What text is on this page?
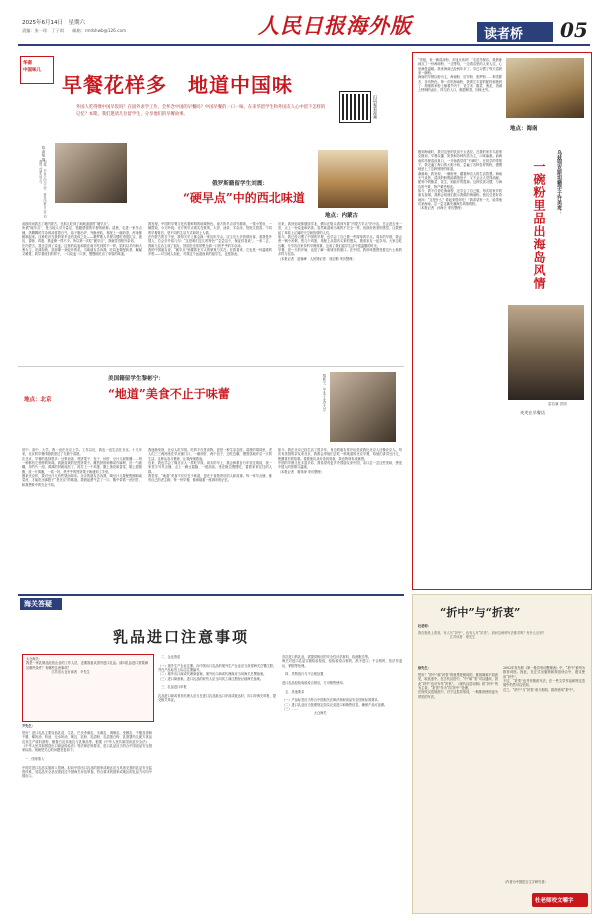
2025年6月14日　星期六
责编：张一琼　丁子琪　　邮箱：rmrbhwb@126.com	人民日报海外版	读者桥 05
华裔
中国味儿
早餐花样多　地道中国味
外国人吃得惯中国早饭吗？在国外求学工作，会怀念中国的早餐吗？中国早餐的一口一味，在来华留学生和外国友人心中留下怎样的记忆？本期，我们邀请几位留学生，分享他们的早餐故事。	扫码观看视频
陈淑敏 摄
刘震，毕业于四川大学，曾在内蒙古工作 刘震的“内蒙古早点”	俄罗斯籍留学生刘震：
“硬早点”中的西北味道
地点：内蒙古
前段时间我去了趟内蒙古，在那儿吃到了地地道道的“硬早点”。
所谓“硬早点”，是当地人对分量足、饱腹感强的早餐的统称。清晨，走进一家早点铺，热腾腾的羊杂碎汤冒着白气，焙子刚出炉，外酥里软，再配上一碗奶茶，浑身都暖和起来。这种吃法在我的家乡也有类似之处——俄罗斯人早餐习惯吃得很扎实，面包、香肠、鸡蛋、燕麦粥一样不少。所以第一次吃“硬早点”，我就觉得格外亲切。
在内蒙古，我还尝到了烧麦。这里的烧麦和我在南方吃到的不一样，馅料以羊肉和大葱为主，皮薄如纸，顶部像一朵绽开的花。当地朋友告诉我，吃烧麦要配砖茶，解腻又暖胃。我学着他们的样子，一口烧麦一口茶，慢慢地吃出了草原的味道。
我发现，中国的早餐文化有着鲜明的地域特色。南方的早点讲究精致，一笼小笼包、一碗馄饨，小巧玲珑；北方的早点则实在豪爽，大饼、油条、羊杂汤，管饱又管香。不同的早餐背后，是不同的生活方式和风土人情。
在内蒙古的日子里，我每天早上都会换一家店吃早点。店主们大多热情好客，看我是外国人，总会多介绍几句：“这是咱们这儿的特色”“尝尝这个，保证你喜欢”。一来二去，我和几位店主成了朋友，回国后还常常想念那一口热乎乎的羊杂汤。
我的中国朋友说，“硬早点”里藏着北方人的豪爽与实在。在我看来，它也是一份温暖的乡愁——对当地人如此，对我这个远道而来的留学生，也是如此。
后来，我回到成都继续学业，偶尔在街头看到写着“内蒙古早点”的小店，总会进去坐一坐，点上一份烧麦和奶茶。虽然味道和当地的不完全一样，但那份熟悉的感觉，让我想起了草原上辽阔的天空和热情的人们。
如今，我已经习惯了中国的早餐，也学会了自己做一些简单的早点。周末的早晨，我会煮一锅小米粥，煎几个鸡蛋，再配上从超市买来的馒头，邀请室友一起享用。大家边吃边聊，分享各自家乡的早餐故事，这成了我们留学生活中很温馨的时光。
早餐，是一天的开始，也是了解一座城市的窗口。在中国，我用味蕾感受着这片土地的多样与包容。
（本报记者　赵蓉峰　人民网记者　刘玄勤 采访整理）
地点：北京
美国籍留学生黎彬宁：
“地道”美食不止于味蕾	黎彬宁，毕业于北京大学
初中、高中、大学，我一直在北京上学。工作以后，我也一直生活在北京。十几年来，北京的早餐伴随我度过了无数个清晨。
在北京，早餐的选择很多：豆浆油条、煎饼果子、包子、炒肝、豆汁儿和焦圈……每一种都有它独特的风味。我最喜欢的是煎饼果子。摊煎饼的师傅动作麻利，舀一勺面糊，用竹片一刮，薄薄的饼就成形了，再打上一个鸡蛋，撒上葱花和香菜，刷上甜面酱，放一片薄脆，一卷一折，热乎乎的煎饼果子就递到了手里。
刚来北京时，我对豆汁儿有些望而却步。北京的朋友告诉我，喝豆汁儿要配焦圈和咸菜丝，才能吃出那股子“老北京”的味道。我鼓起勇气尝了一口，酸中带着一丝回甘，和我想象中的完全不同。
我逐渐发现，北京人吃早饭，吃的不仅是食物，更是一种生活态度。清晨的胡同里，老人们三三两两坐在早点铺门口，一碗炒肝、两个包子，边吃边聊，慢悠悠地开启一天的生活。这种从容与惬意，让我深深着迷。
后来，我也学会了像北京人一样吃早饭。周末的早上，我会骑着自行车穿过胡同，找一家老字号早点铺，点上一碗豆腐脑、一根油条，坐在街边慢慢吃，看着来来往往的人群。
我觉得，“地道”美食不仅仅在于味道，更在于食物背后的人和故事。每一家早点铺，都有自己的老主顾；每一份早餐，都承载着一座城市的记忆。
如今，我在北京已经生活了很多年，身边的朋友常开玩笑说我比北京人还像北京人。每次有美国的亲友来北京，我都会带他们去吃一顿地道的北京早餐，给他们讲讲豆汁儿、焦圈背后的故事。看着他们从好奇到喜欢，我也特别有成就感。
中国的早餐文化丰富多彩，我希望有更多外国朋友来中国，亲口尝一尝这些美味，感受中国人的热情与温暖。
（本报记者　窦菲涛 采访整理）
“老板，来一碗清汤粉，多加点鱼饼！”走进早餐店，我熟练地点了一份海南粉，一边等待，一边看店里的人来人往，心里满是温暖。我来海南已经两年多了，早已习惯了每天清晨来一碗粉。
海南的早餐以粉为主，海南粉、后安粉、抱罗粉……种类繁多，各有特色。第一次吃海南粉，我被它丰富的配料惊艳到了：细细的米粉上铺着牛肉干、花生米、酸菜、葱花，再淋上特制的卤汁，拌匀后入口，酸甜鲜香，回味无穷。
地点：海南
乌兹别克斯坦籍学子许美麦：
一碗粉里品出海岛风情
刚到海南时，我对这里的饮食不太适应。在我的家乡乌兹别克斯坦，早餐以馕、奶茶和各种肉类为主，口味偏重。而海南的早餐清淡爽口，一开始我觉得“不够吃”。在同学的带领下，我走遍了海口的大街小巷，尝遍了各种各样的粉，慢慢地爱上了这种独特的味道。
渐渐地，我发现，一碗粉里，藏着海岛人的生活智慧。海南天气炎热，清淡的粉既能填饱肚子，又不会让人觉得油腻；配料中的酸菜、花生，则能开胃提神。这种饮食习惯，与海岛的气候、物产紧密相连。
如今，我不仅爱吃海南粉，还学会了自己做。每次给家乡的朋友视频，我都会给他们展示我做的海南粉。他们总是好奇地问：“这是什么？看起来很好吃！”我希望有一天，能带他们来海南，尝一尝这碗充满海岛风情的粉。
（本报记者　孙海天 采访整理）
雷若谦 供图
麦麦在早餐店
海关答疑
乳品进口注意事项
太仓海关：
我是一家乳制品经营企业的工作人员，近期准备从国外进口乳品。请问乳品进口需要满足哪些条件？有哪些注意事项？
　　　　　　　　江苏省太仓市读者　尹先生
尹先生：
您好！进口乳品主要包括乳清、生乳、巴氏杀菌乳、灭菌乳、调制乳、发酵乳、干酪及再制干酪、稀奶油、奶油、无水奶油、炼乳、乳粉、乳清粉、乳清蛋白粉、乳基婴幼儿配方食品及其生产原料基粉、酪蛋白及其他乳与乳制品等。根据《中华人民共和国食品安全法》、《中华人民共和国进出口商品检验法》等法律法规要求，进口乳品应当符合中国食品安全国家标准。现就您关心的问题答复如下。

　一、国家准入

中国对进口乳品实施准入管理。拟向中国出口乳品的国家或地区应当具备完善的乳品安全监管体系，其乳品安全状况需经过中国海关评估审查。符合要求的国家或地区的乳品方可向中国出口。
　二、企业资质

（一）境外生产企业注册。向中国出口乳品的境外生产企业应当获得海关总署注册，并在产品标签上标注注册编号。
（二）境外出口商或代理商备案。境外出口商或代理商应当向海关总署备案。
（三）进口商备案。进口乳品的收货人应当向其工商注册登记地海关备案。

　三、乳品进口申报

乳品进口商或者其代理人应当在进口乳品抵达口岸前或抵达时，向口岸海关申报，提交相关单证。
首次进口的乳品，需提供相应的安全性评估材料、检测报告等。
海关对进口乳品实施检验检疫，检验检疫合格的，准予进口；不合格的，依法作退运、销毁等处理。

　四、货物放行与不合格处置

进口乳品经检验检疫合格后，方可销售使用。

　五、其他要求

（一）产品标签应当符合中国相关法律法规和食品安全国家标准要求。
（二）进口乳品应当按照规定如实记录进口和销售信息，确保产品可追溯。
（三）……
　　　　　　　　　　太仓海关
“折中”与“折衷”
杜老师：
我在报纸上看到，有人写“折中”，也有人写“折衷”。请问这两种写法都对吗？有什么区别？
　　　　　　　　　　江苏读者　徐先生
徐先生：
您好！“折中”和“折衷”的意思是相同的，都指调和不同意见，取其适中。在古代汉语中，“中”和“衷”可以通用，因此“折中”也可写作“折衷”。《现代汉语词典》将“折中”列为主条，“折衷”作为“同‘折中’”处理。
在现代汉语规范中，对于这类异形词，一般推荐使用更为常见的写法。
2002年发布的《第一批异形词整理表》中，“折中”被列为推荐词形。因此，在正式出版物和规范场合中，建议使用“折中”。
不过，“折衷”也并非错误写法，在一些文学作品和特定语境中仍然可以见到。
总之，“折中”与“折衷”意义相同，推荐使用“折中”。
（作者为中国语言文字研究者）
杜老师咬文嚼字
